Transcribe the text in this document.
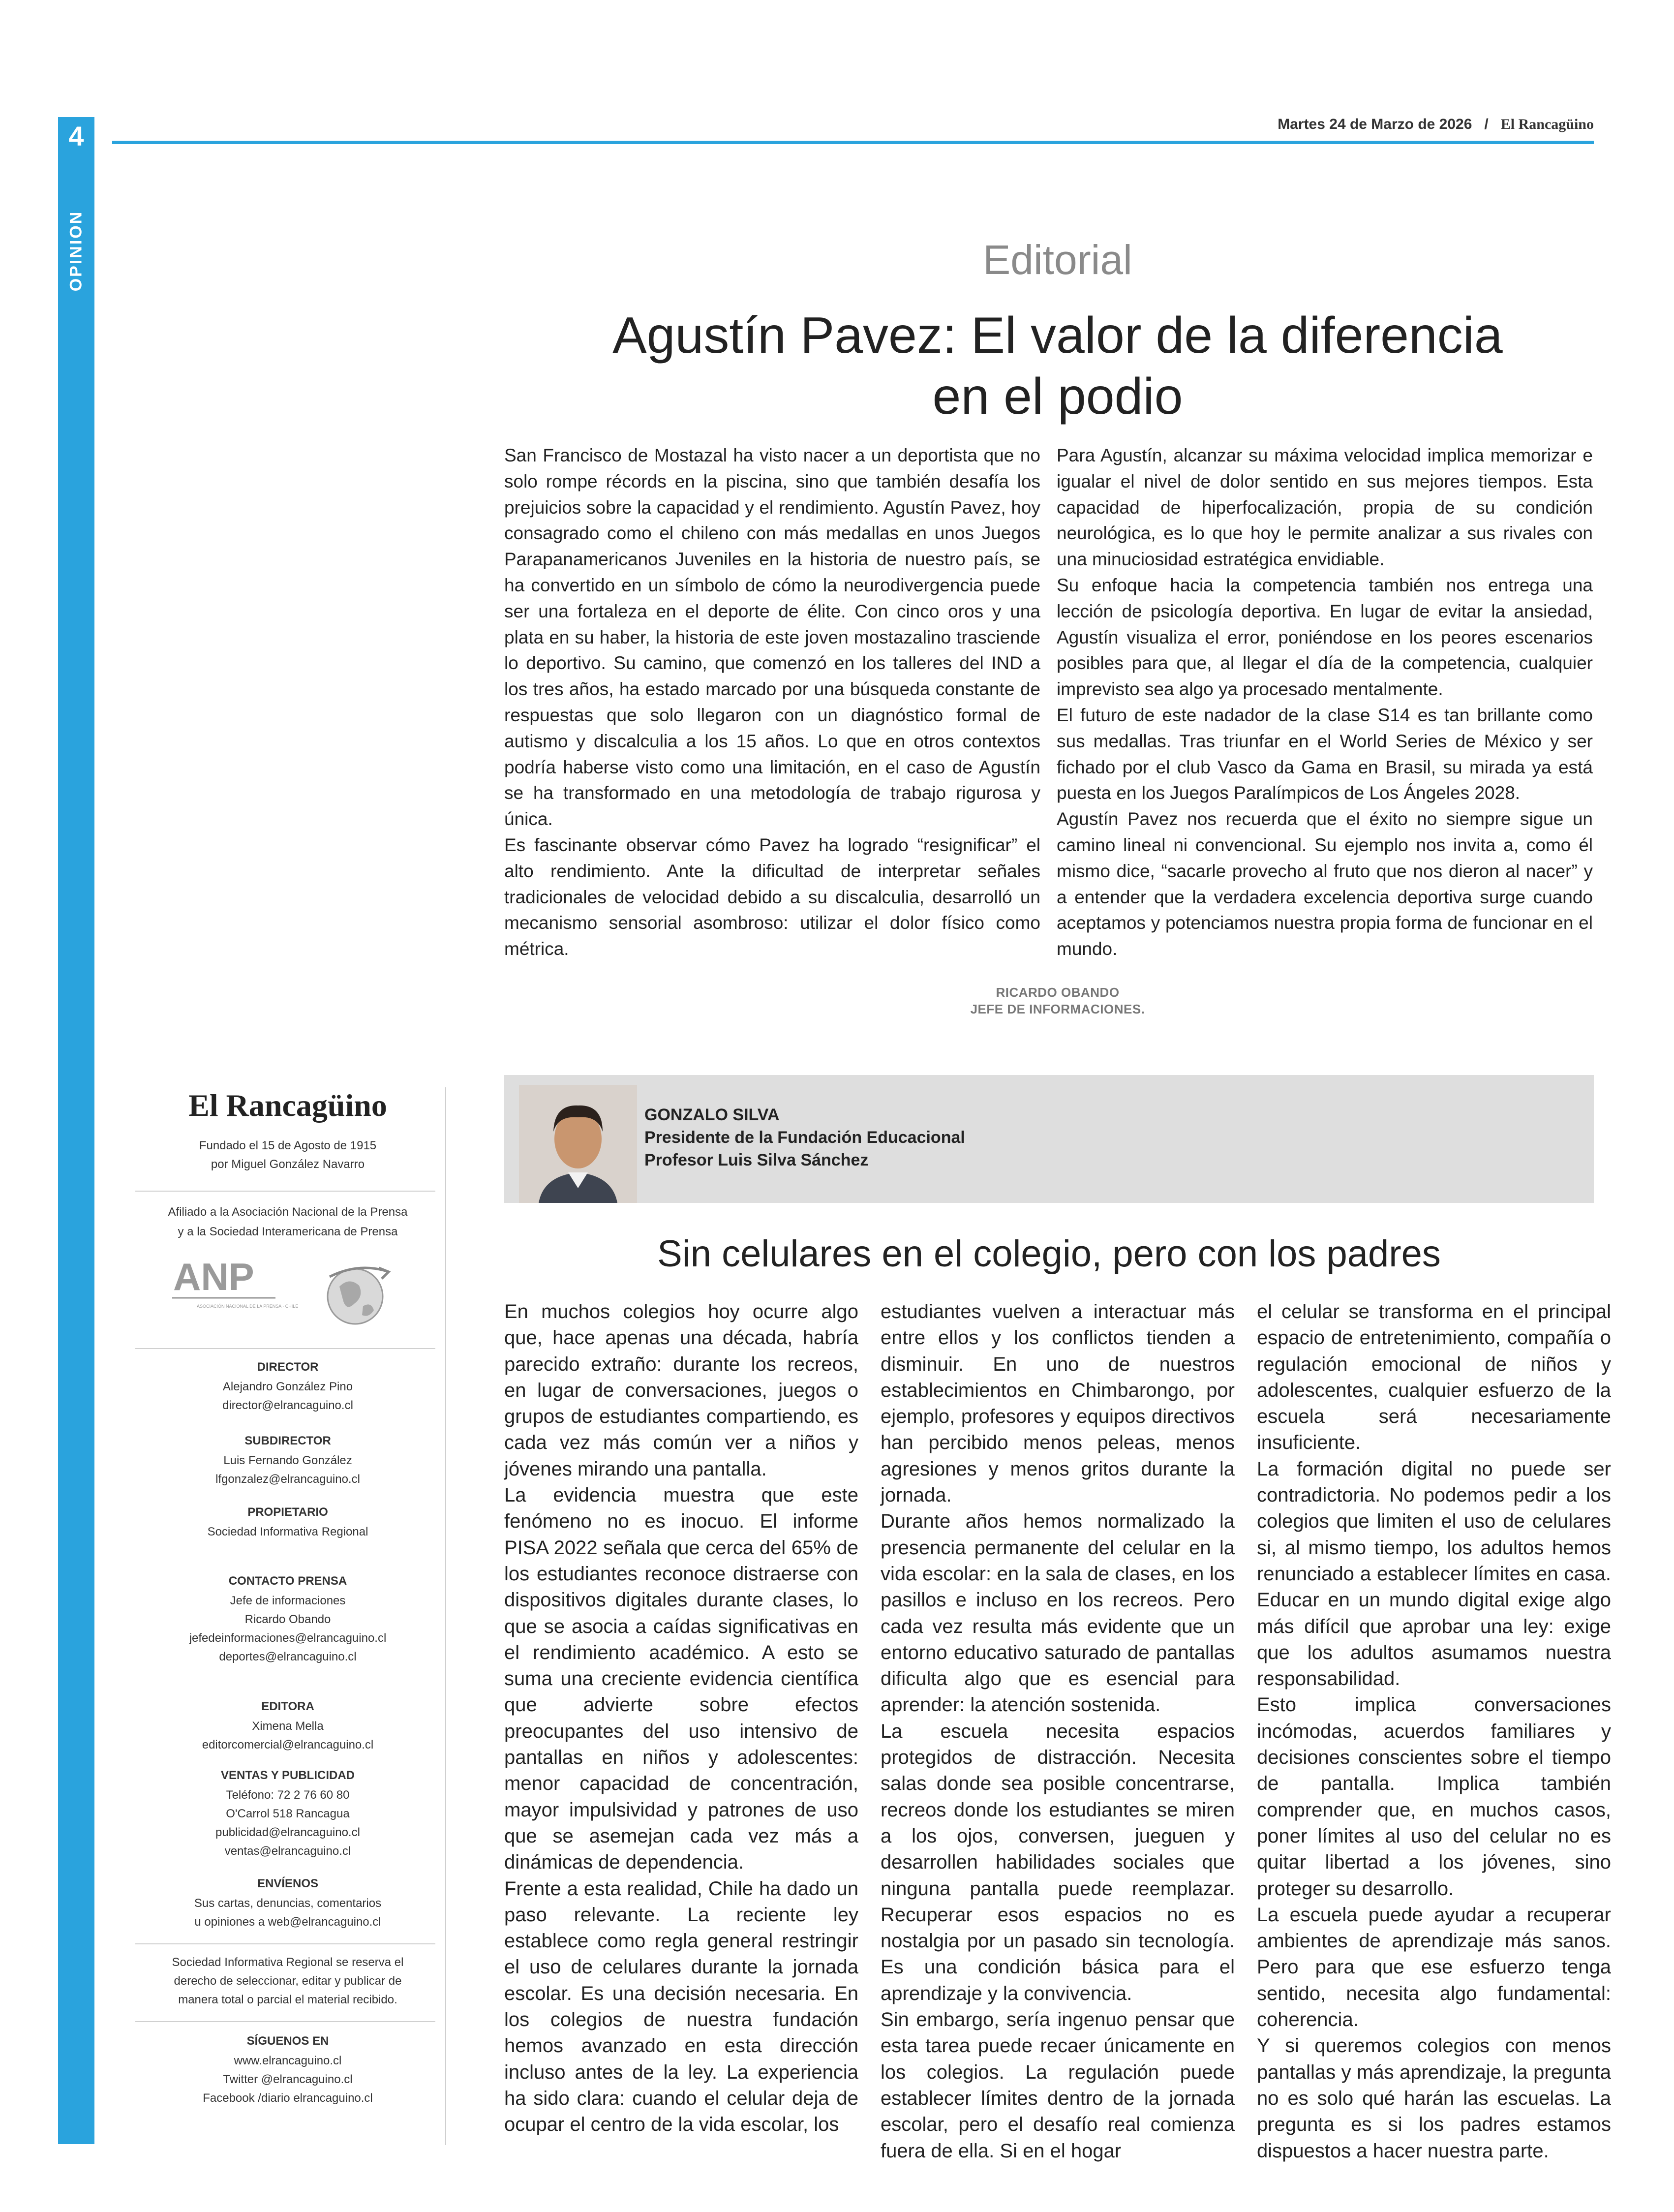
4
OPINION
Martes 24 de Marzo de 2026 / El Rancagüino
Editorial
Agustín Pavez: El valor de la diferencia en el podio

San Francisco de Mostazal ha visto nacer a un deportista que no solo rompe récords en la piscina, sino que también desafía los prejuicios sobre la capacidad y el rendimiento. Agustín Pavez, hoy consagrado como el chileno con más medallas en unos Juegos Parapanamericanos Juveniles en la historia de nuestro país, se ha convertido en un símbolo de cómo la neurodivergencia puede ser una fortaleza en el deporte de élite. Con cinco oros y una plata en su haber, la historia de este joven mostazalino trasciende lo deportivo. Su camino, que comenzó en los talleres del IND a los tres años, ha estado marcado por una búsqueda constante de respuestas que solo llegaron con un diagnóstico formal de autismo y discalculia a los 15 años. Lo que en otros contextos podría haberse visto como una limitación, en el caso de Agustín se ha transformado en una metodología de trabajo rigurosa y única.

Es fascinante observar cómo Pavez ha logrado “resignificar” el alto rendimiento. Ante la dificultad de interpretar señales tradicionales de velocidad debido a su discalculia, desarrolló un mecanismo sensorial asombroso: utilizar el dolor físico como métrica.

Para Agustín, alcanzar su máxima velocidad implica memorizar e igualar el nivel de dolor sentido en sus mejores tiempos. Esta capacidad de hiperfocalización, propia de su condición neurológica, es lo que hoy le permite analizar a sus rivales con una minuciosidad estratégica envidiable.

Su enfoque hacia la competencia también nos entrega una lección de psicología deportiva. En lugar de evitar la ansiedad, Agustín visualiza el error, poniéndose en los peores escenarios posibles para que, al llegar el día de la competencia, cualquier imprevisto sea algo ya procesado mentalmente.

El futuro de este nadador de la clase S14 es tan brillante como sus medallas. Tras triunfar en el World Series de México y ser fichado por el club Vasco da Gama en Brasil, su mirada ya está puesta en los Juegos Paralímpicos de Los Ángeles 2028.

Agustín Pavez nos recuerda que el éxito no siempre sigue un camino lineal ni convencional. Su ejemplo nos invita a, como él mismo dice, “sacarle provecho al fruto que nos dieron al nacer” y a entender que la verdadera excelencia deportiva surge cuando aceptamos y potenciamos nuestra propia forma de funcionar en el mundo.

RICARDO OBANDO
JEFE DE INFORMACIONES.
El Rancagüino
Fundado el 15 de Agosto de 1915
por Miguel González Navarro
Afiliado a la Asociación Nacional de la Prensa
y a la Sociedad Interamericana de Prensa
ANP
ASOCIACIÓN NACIONAL DE LA PRENSA · CHILE
DIRECTOR
Alejandro González Pino
director@elrancaguino.cl
SUBDIRECTOR
Luis Fernando González
lfgonzalez@elrancaguino.cl
PROPIETARIO
Sociedad Informativa Regional
CONTACTO PRENSA
Jefe de informaciones
Ricardo Obando
jefedeinformaciones@elrancaguino.cl
deportes@elrancaguino.cl
EDITORA
Ximena Mella
editorcomercial@elrancaguino.cl
VENTAS Y PUBLICIDAD
Teléfono: 72 2 76 60 80
O'Carrol 518 Rancagua
publicidad@elrancaguino.cl
ventas@elrancaguino.cl
ENVÍENOS
Sus cartas, denuncias, comentarios
u opiniones a web@elrancaguino.cl
Sociedad Informativa Regional se reserva el
derecho de seleccionar, editar y publicar de
manera total o parcial el material recibido.
SÍGUENOS EN
www.elrancaguino.cl
Twitter @elrancaguino.cl
Facebook /diario elrancaguino.cl
GONZALO SILVA
Presidente de la Fundación Educacional
Profesor Luis Silva Sánchez
Sin celulares en el colegio, pero con los padres

En muchos colegios hoy ocurre algo que, hace apenas una década, habría parecido extraño: durante los recreos, en lugar de conversaciones, juegos o grupos de estudiantes compartiendo, es cada vez más común ver a niños y jóvenes mirando una pantalla.

La evidencia muestra que este fenómeno no es inocuo. El informe PISA 2022 señala que cerca del 65% de los estudiantes reconoce distraerse con dispositivos digitales durante clases, lo que se asocia a caídas significativas en el rendimiento académico. A esto se suma una creciente evidencia científica que advierte sobre efectos preocupantes del uso intensivo de pantallas en niños y adolescentes: menor capacidad de concentración, mayor impulsividad y patrones de uso que se asemejan cada vez más a dinámicas de dependencia.

Frente a esta realidad, Chile ha dado un paso relevante. La reciente ley establece como regla general restringir el uso de celulares durante la jornada escolar. Es una decisión necesaria. En los colegios de nuestra fundación hemos avanzado en esta dirección incluso antes de la ley. La experiencia ha sido clara: cuando el celular deja de ocupar el centro de la vida escolar, los

estudiantes vuelven a interactuar más entre ellos y los conflictos tienden a disminuir. En uno de nuestros establecimientos en Chimbarongo, por ejemplo, profesores y equipos directivos han percibido menos peleas, menos agresiones y menos gritos durante la jornada.

Durante años hemos normalizado la presencia permanente del celular en la vida escolar: en la sala de clases, en los pasillos e incluso en los recreos. Pero cada vez resulta más evidente que un entorno educativo saturado de pantallas dificulta algo que es esencial para aprender: la atención sostenida.

La escuela necesita espacios protegidos de distracción. Necesita salas donde sea posible concentrarse, recreos donde los estudiantes se miren a los ojos, conversen, jueguen y desarrollen habilidades sociales que ninguna pantalla puede reemplazar. Recuperar esos espacios no es nostalgia por un pasado sin tecnología. Es una condición básica para el aprendizaje y la convivencia.

Sin embargo, sería ingenuo pensar que esta tarea puede recaer únicamente en los colegios. La regulación puede establecer límites dentro de la jornada escolar, pero el desafío real comienza fuera de ella. Si en el hogar

el celular se transforma en el principal espacio de entretenimiento, compañía o regulación emocional de niños y adolescentes, cualquier esfuerzo de la escuela será necesariamente insuficiente.

La formación digital no puede ser contradictoria. No podemos pedir a los colegios que limiten el uso de celulares si, al mismo tiempo, los adultos hemos renunciado a establecer límites en casa. Educar en un mundo digital exige algo más difícil que aprobar una ley: exige que los adultos asumamos nuestra responsabilidad.

Esto implica conversaciones incómodas, acuerdos familiares y decisiones conscientes sobre el tiempo de pantalla. Implica también comprender que, en muchos casos, poner límites al uso del celular no es quitar libertad a los jóvenes, sino proteger su desarrollo.

La escuela puede ayudar a recuperar ambientes de aprendizaje más sanos. Pero para que ese esfuerzo tenga sentido, necesita algo fundamental: coherencia.

Y si queremos colegios con menos pantallas y más aprendizaje, la pregunta no es solo qué harán las escuelas. La pregunta es si los padres estamos dispuestos a hacer nuestra parte.
